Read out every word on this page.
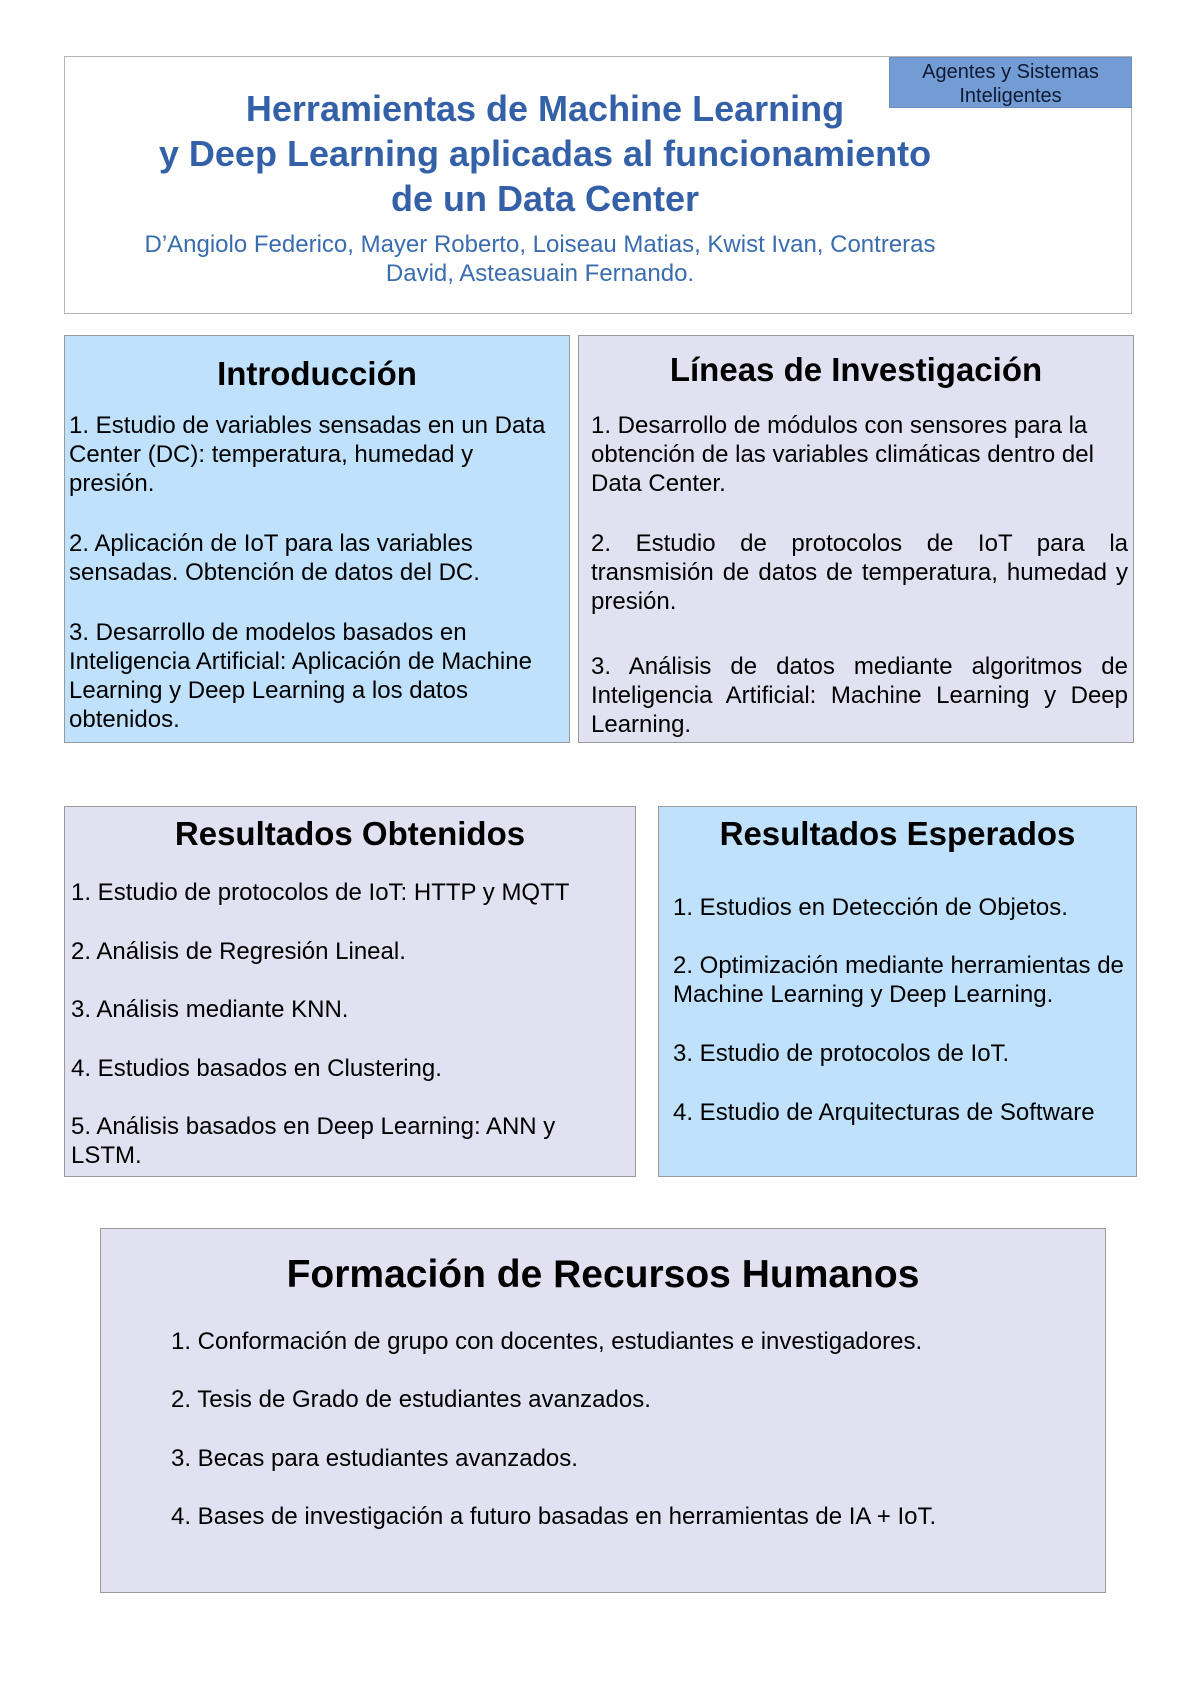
Agentes y Sistemas Inteligentes
Herramientas de Machine Learning
y Deep Learning aplicadas al funcionamiento
de un Data Center

D’Angiolo Federico, Mayer Roberto, Loiseau Matias, Kwist Ivan, Contreras
David, Asteasuain Fernando.

Introducción

1. Estudio de variables sensadas en un Data Center (DC): temperatura, humedad y presión.

2. Aplicación de IoT para las variables sensadas. Obtención de datos del DC.

3. Desarrollo de modelos basados en Inteligencia Artificial: Aplicación de Machine Learning y Deep Learning a los datos obtenidos.

Líneas de Investigación

1. Desarrollo de módulos con sensores para la obtención de las variables climáticas dentro del Data Center.

2. Estudio de protocolos de IoT para la transmisión de datos de temperatura, humedad y presión.

3. Análisis de datos mediante algoritmos de Inteligencia Artificial: Machine Learning y Deep Learning.

Resultados Obtenidos

1. Estudio de protocolos de IoT: HTTP y MQTT

2. Análisis de Regresión Lineal.

3. Análisis mediante KNN.

4. Estudios basados en Clustering.

5. Análisis basados en Deep Learning: ANN y LSTM.

Resultados Esperados

1. Estudios en Detección de Objetos.

2. Optimización mediante herramientas de Machine Learning y Deep Learning.

3. Estudio de protocolos de IoT.

4. Estudio de Arquitecturas de Software

Formación de Recursos Humanos

1. Conformación de grupo con docentes, estudiantes e investigadores.

2. Tesis de Grado de estudiantes avanzados.

3. Becas para estudiantes avanzados.

4. Bases de investigación a futuro basadas en herramientas de IA + IoT.
